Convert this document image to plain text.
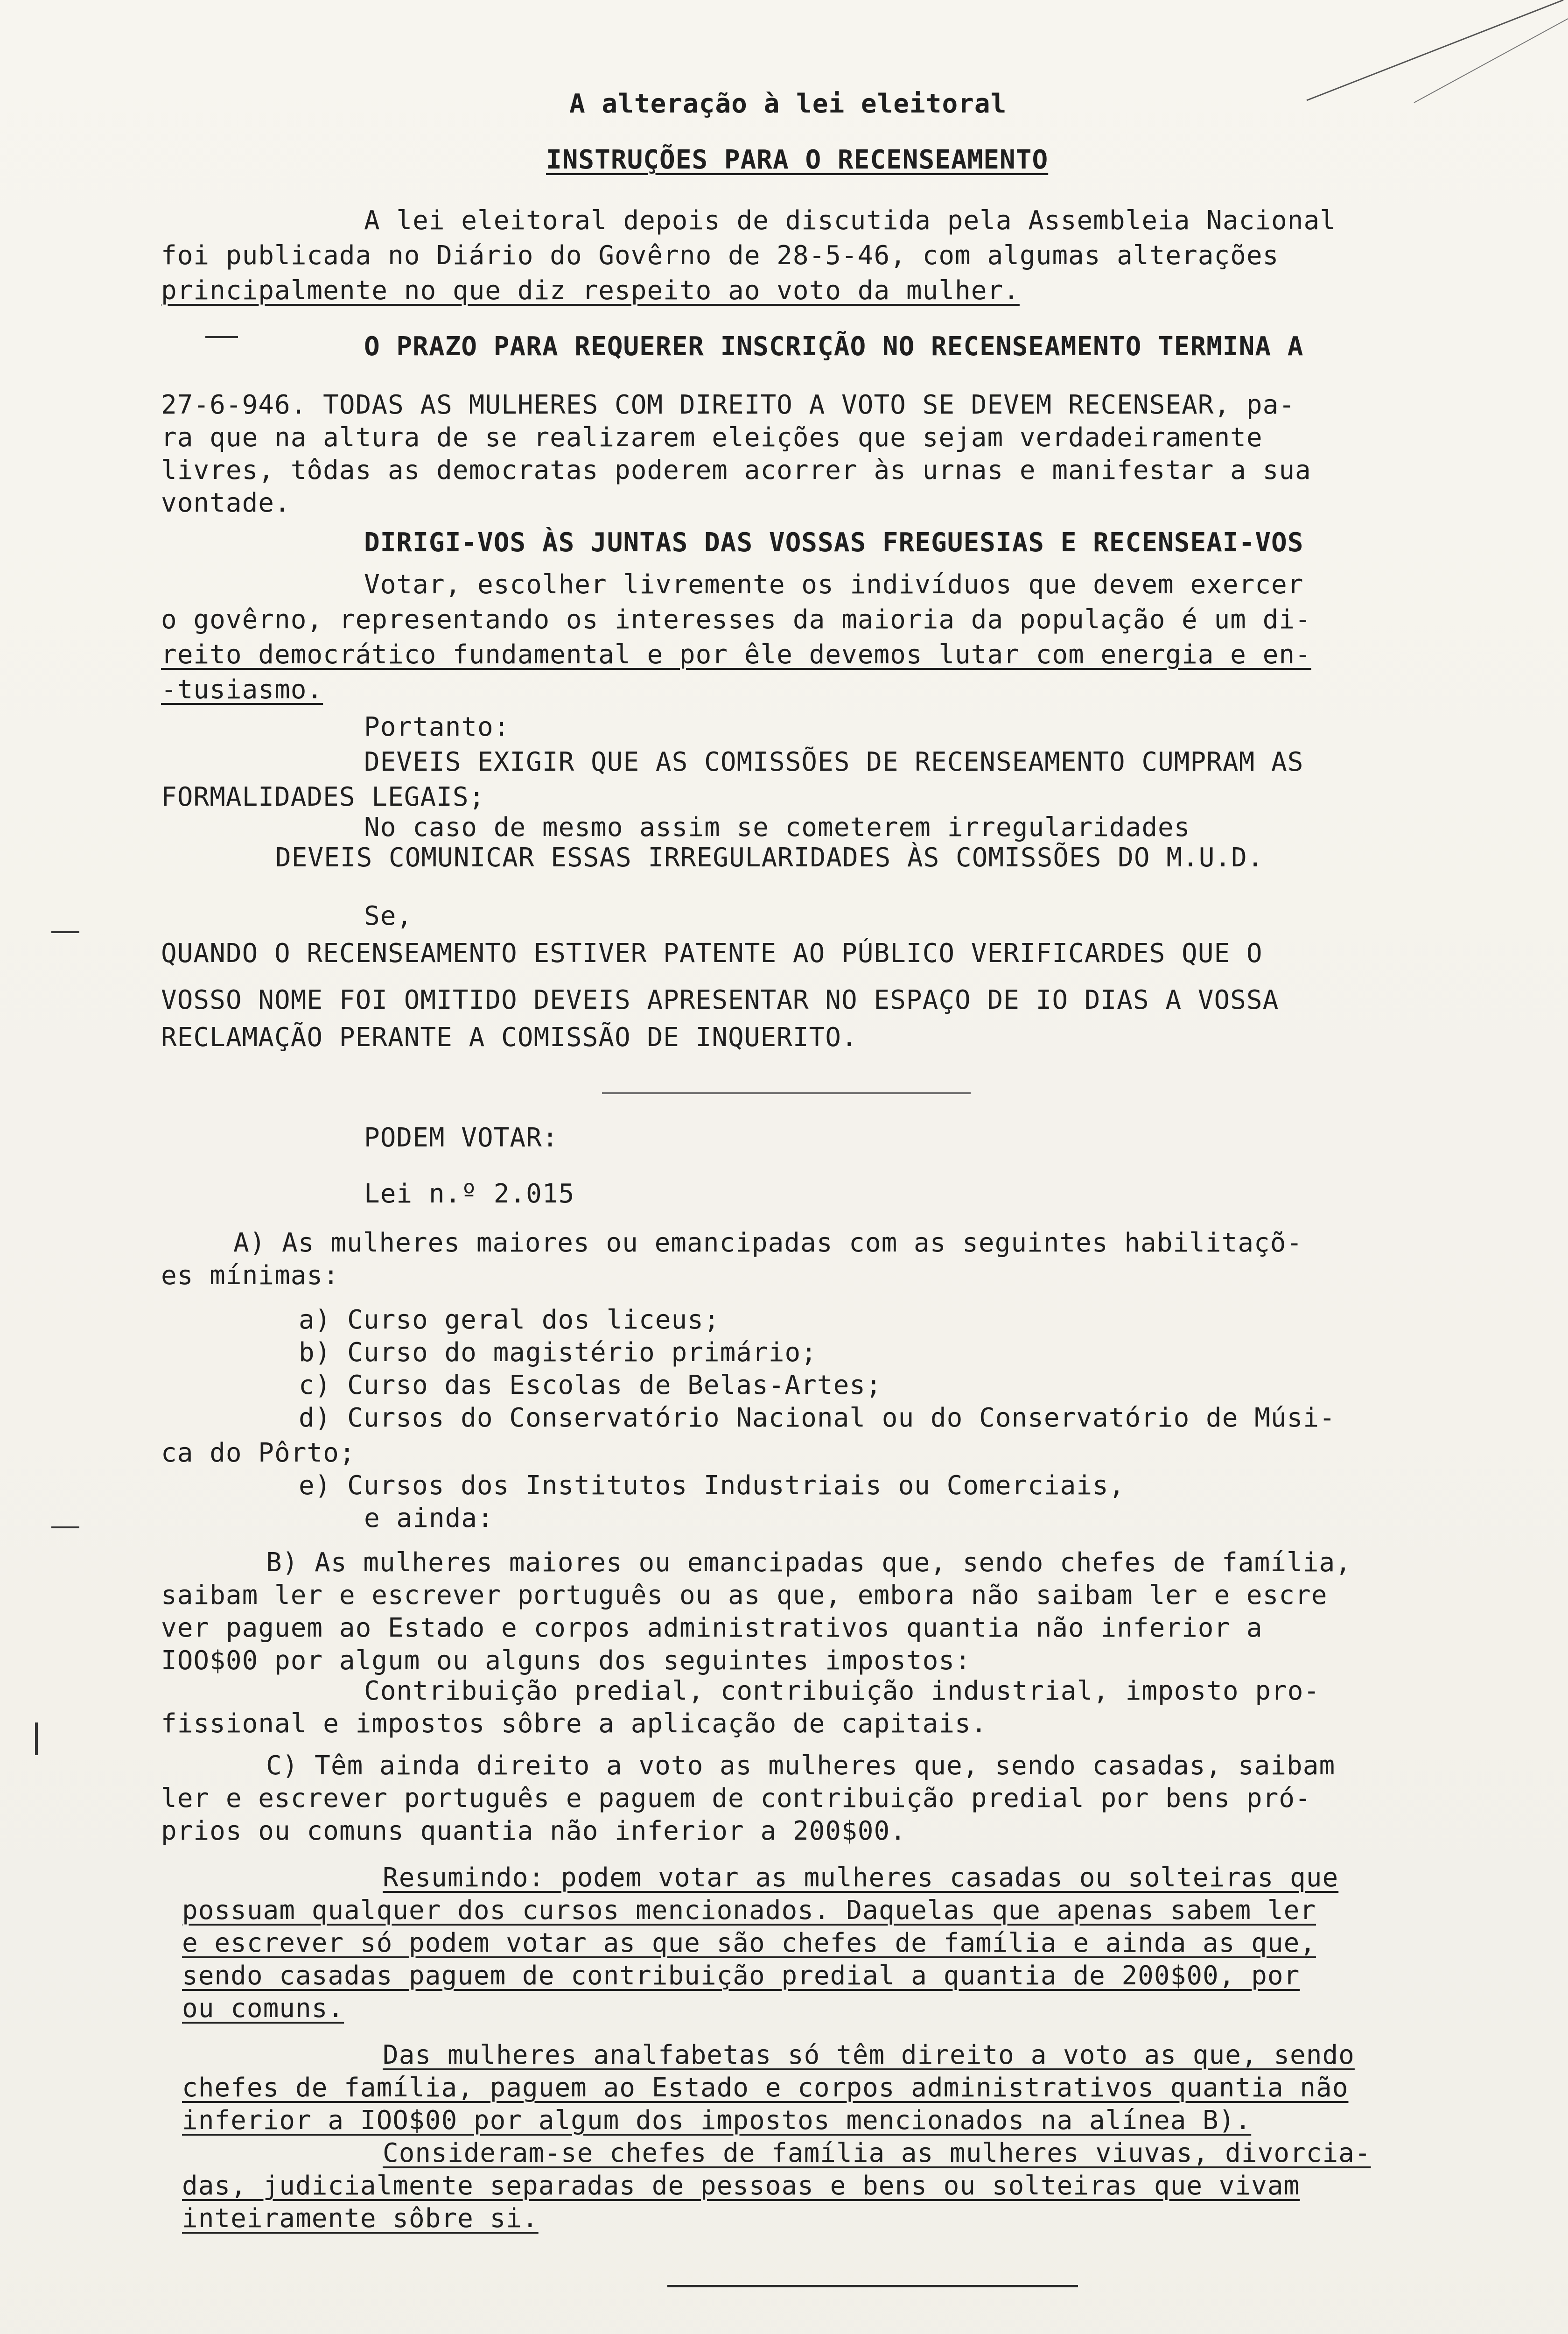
A alteração à lei eleitoral
INSTRUÇÕES PARA O RECENSEAMENTO
A lei eleitoral depois de discutida pela Assembleia Nacional
foi publicada no Diário do Govêrno de 28-5-46, com algumas alterações
principalmente no que diz respeito ao voto da mulher.
O PRAZO PARA REQUERER INSCRIÇÃO NO RECENSEAMENTO TERMINA A
27-6-946. TODAS AS MULHERES COM DIREITO A VOTO SE DEVEM RECENSEAR, pa-
ra que na altura de se realizarem eleições que sejam verdadeiramente
livres, tôdas as democratas poderem acorrer às urnas e manifestar a sua
vontade.
DIRIGI-VOS ÀS JUNTAS DAS VOSSAS FREGUESIAS E RECENSEAI-VOS
Votar, escolher livremente os indivíduos que devem exercer
o govêrno, representando os interesses da maioria da população é um di-
reito democrático fundamental e por êle devemos lutar com energia e en-
-tusiasmo.
Portanto:
DEVEIS EXIGIR QUE AS COMISSÕES DE RECENSEAMENTO CUMPRAM AS
FORMALIDADES LEGAIS;
No caso de mesmo assim se cometerem irregularidades
DEVEIS COMUNICAR ESSAS IRREGULARIDADES ÀS COMISSÕES DO M.U.D.
Se,
QUANDO O RECENSEAMENTO ESTIVER PATENTE AO PÚBLICO VERIFICARDES QUE O
VOSSO NOME FOI OMITIDO DEVEIS APRESENTAR NO ESPAÇO DE IO DIAS A VOSSA
RECLAMAÇÃO PERANTE A COMISSÃO DE INQUERITO.
PODEM VOTAR:
Lei n.º 2.015
A) As mulheres maiores ou emancipadas com as seguintes habilitaçõ-
es mínimas:
a) Curso geral dos liceus;
b) Curso do magistério primário;
c) Curso das Escolas de Belas-Artes;
d) Cursos do Conservatório Nacional ou do Conservatório de Músi-
ca do Pôrto;
e) Cursos dos Institutos Industriais ou Comerciais,
e ainda:
B) As mulheres maiores ou emancipadas que, sendo chefes de família,
saibam ler e escrever português ou as que, embora não saibam ler e escre
ver paguem ao Estado e corpos administrativos quantia não inferior a
IOO$00 por algum ou alguns dos seguintes impostos:
Contribuição predial, contribuição industrial, imposto pro-
fissional e impostos sôbre a aplicação de capitais.
C) Têm ainda direito a voto as mulheres que, sendo casadas, saibam
ler e escrever português e paguem de contribuição predial por bens pró-
prios ou comuns quantia não inferior a 200$00.
Resumindo: podem votar as mulheres casadas ou solteiras que
possuam qualquer dos cursos mencionados. Daquelas que apenas sabem ler
e escrever só podem votar as que são chefes de família e ainda as que,
sendo casadas paguem de contribuição predial a quantia de 200$00, por
ou comuns.
Das mulheres analfabetas só têm direito a voto as que, sendo
chefes de família, paguem ao Estado e corpos administrativos quantia não
inferior a IOO$00 por algum dos impostos mencionados na alínea B).
Consideram-se chefes de família as mulheres viuvas, divorcia-
das, judicialmente separadas de pessoas e bens ou solteiras que vivam
inteiramente sôbre si.
